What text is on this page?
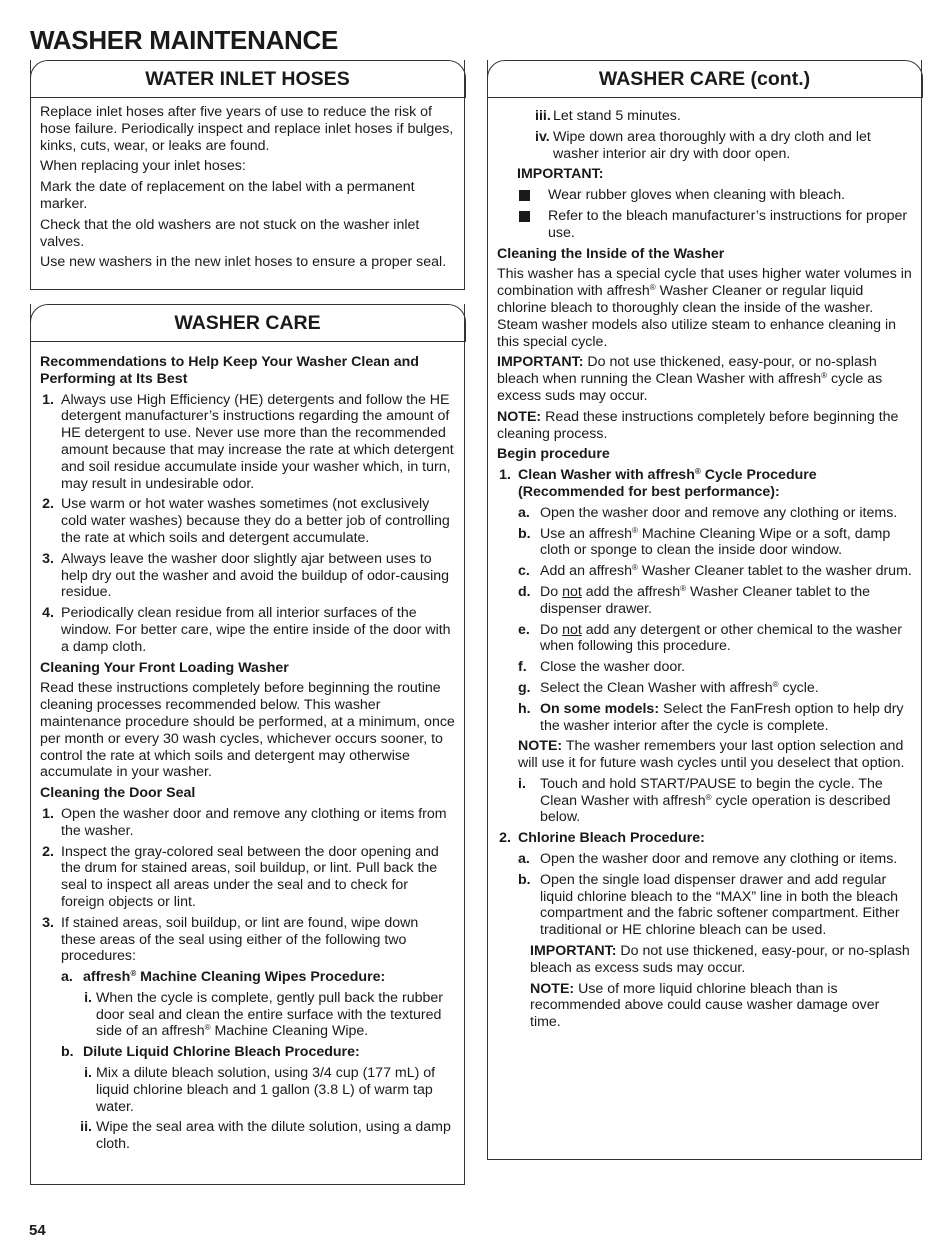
WASHER MAINTENANCE
WATER INLET HOSES

Replace inlet hoses after five years of use to reduce the risk of hose failure. Periodically inspect and replace inlet hoses if bulges, kinks, cuts, wear, or leaks are found.

When replacing your inlet hoses:

Mark the date of replacement on the label with a permanent marker.

Check that the old washers are not stuck on the washer inlet valves.

Use new washers in the new inlet hoses to ensure a proper seal.

WASHER CARE

Recommendations to Help Keep Your Washer Clean and Performing at Its Best

1. Always use High Efficiency (HE) detergents and follow the HE detergent manufacturer’s instructions regarding the amount of HE detergent to use. Never use more than the recommended amount because that may increase the rate at which detergent and soil residue accumulate inside your washer which, in turn, may result in undesirable odor.
2. Use warm or hot water washes sometimes (not exclusively cold water washes) because they do a better job of controlling the rate at which soils and detergent accumulate.
3. Always leave the washer door slightly ajar between uses to help dry out the washer and avoid the buildup of odor-causing residue.
4. Periodically clean residue from all interior surfaces of the window. For better care, wipe the entire inside of the door with a damp cloth.

Cleaning Your Front Loading Washer

Read these instructions completely before beginning the routine cleaning processes recommended below. This washer maintenance procedure should be performed, at a minimum, once per month or every 30 wash cycles, whichever occurs sooner, to control the rate at which soils and detergent may otherwise accumulate in your washer.

Cleaning the Door Seal

1. Open the washer door and remove any clothing or items from the washer.
2. Inspect the gray-colored seal between the door opening and the drum for stained areas, soil buildup, or lint. Pull back the seal to inspect all areas under the seal and to check for foreign objects or lint.
3. If stained areas, soil buildup, or lint are found, wipe down these areas of the seal using either of the following two procedures:
a. affresh® Machine Cleaning Wipes Procedure:
i. When the cycle is complete, gently pull back the rubber door seal and clean the entire surface with the textured side of an affresh® Machine Cleaning Wipe.
b. Dilute Liquid Chlorine Bleach Procedure:
i. Mix a dilute bleach solution, using 3/4 cup (177 mL) of liquid chlorine bleach and 1 gallon (3.8 L) of warm tap water.
ii. Wipe the seal area with the dilute solution, using a damp cloth.
WASHER CARE (cont.)
iii. Let stand 5 minutes.
iv. Wipe down area thoroughly with a dry cloth and let washer interior air dry with door open.

IMPORTANT:

Wear rubber gloves when cleaning with bleach.
Refer to the bleach manufacturer’s instructions for proper use.

Cleaning the Inside of the Washer

This washer has a special cycle that uses higher water volumes in combination with affresh® Washer Cleaner or regular liquid chlorine bleach to thoroughly clean the inside of the washer. Steam washer models also utilize steam to enhance cleaning in this special cycle.

IMPORTANT: Do not use thickened, easy-pour, or no-splash bleach when running the Clean Washer with affresh® cycle as excess suds may occur.

NOTE: Read these instructions completely before beginning the cleaning process.

Begin procedure

1. Clean Washer with affresh® Cycle Procedure (Recommended for best performance):
a. Open the washer door and remove any clothing or items.
b. Use an affresh® Machine Cleaning Wipe or a soft, damp cloth or sponge to clean the inside door window.
c. Add an affresh® Washer Cleaner tablet to the washer drum.
d. Do not add the affresh® Washer Cleaner tablet to the dispenser drawer.
e. Do not add any detergent or other chemical to the washer when following this procedure.
f. Close the washer door.
g. Select the Clean Washer with affresh® cycle.
h. On some models: Select the FanFresh option to help dry the washer interior after the cycle is complete.

NOTE: The washer remembers your last option selection and will use it for future wash cycles until you deselect that option.

i. Touch and hold START/PAUSE to begin the cycle. The Clean Washer with affresh® cycle operation is described below.
2. Chlorine Bleach Procedure:
a. Open the washer door and remove any clothing or items.
b. Open the single load dispenser drawer and add regular liquid chlorine bleach to the “MAX” line in both the bleach compartment and the fabric softener compartment. Either traditional or HE chlorine bleach can be used.

IMPORTANT: Do not use thickened, easy-pour, or no-splash bleach as excess suds may occur.

NOTE: Use of more liquid chlorine bleach than is recommended above could cause washer damage over time.

54
